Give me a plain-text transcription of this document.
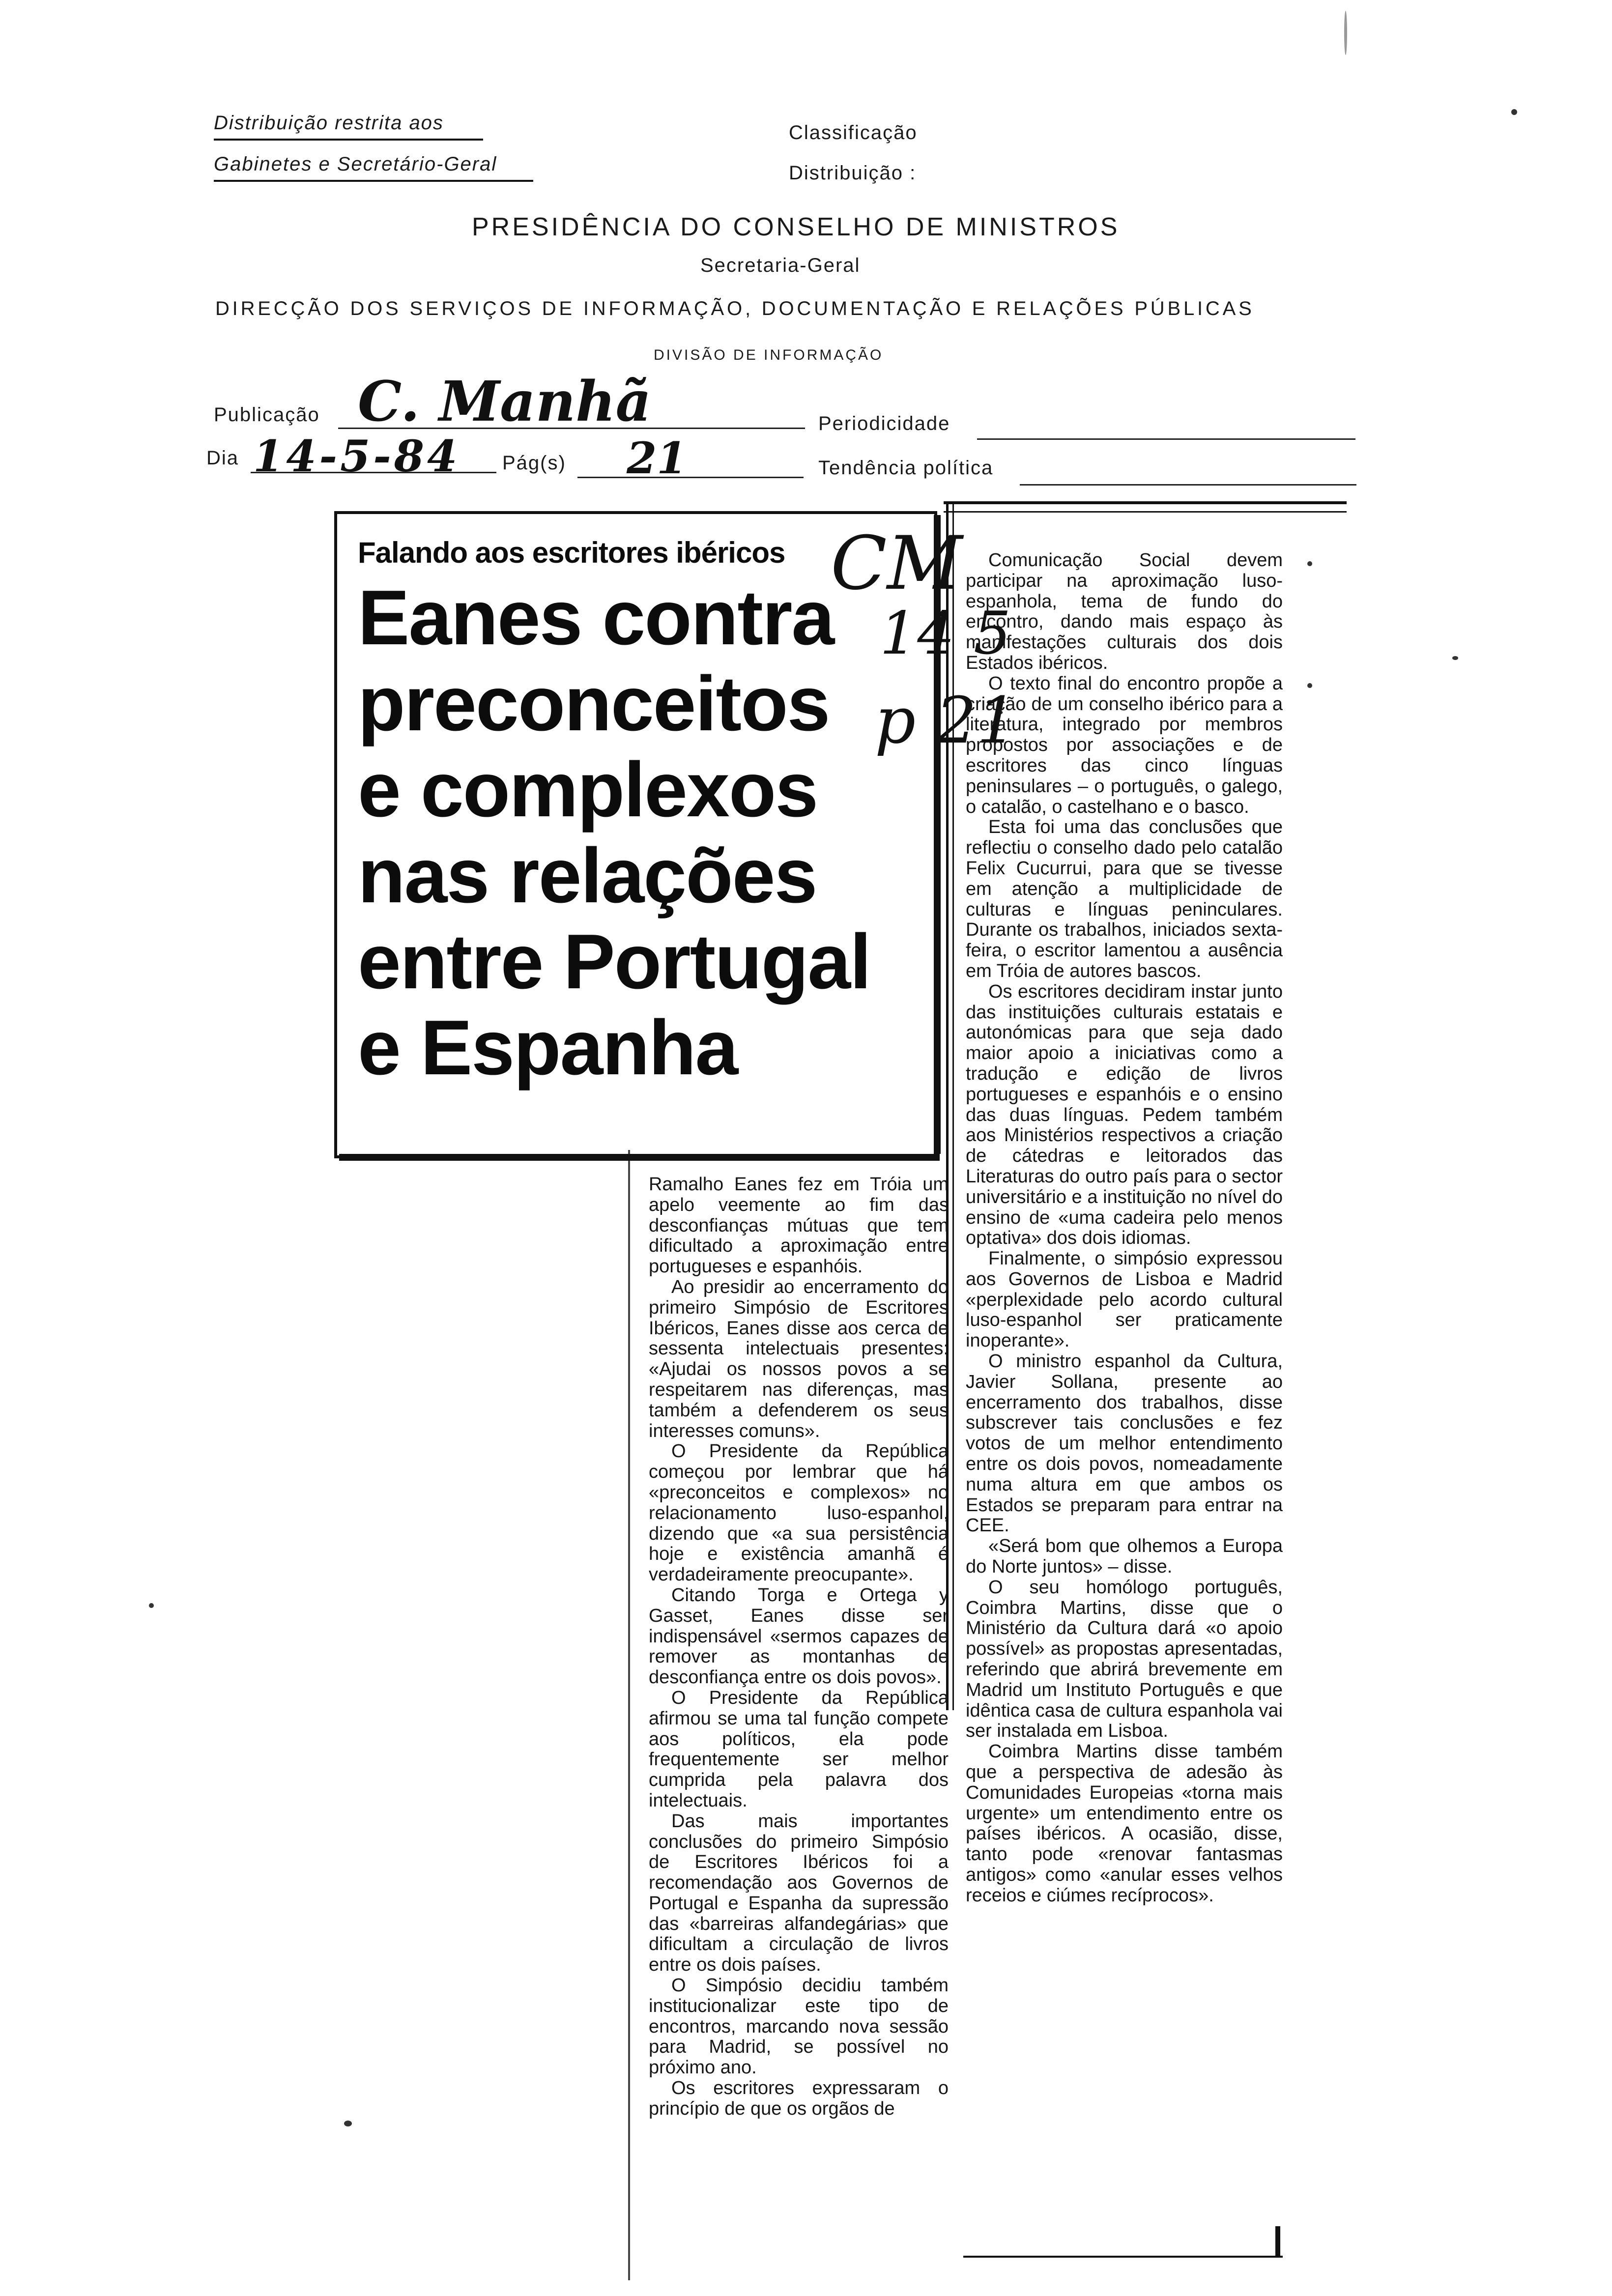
Distribuição restrita aos
Gabinetes e Secretário-Geral
Classificação
Distribuição :
PRESIDÊNCIA DO CONSELHO DE MINISTROS
Secretaria-Geral
DIRECÇÃO DOS SERVIÇOS DE INFORMAÇÃO, DOCUMENTAÇÃO E RELAÇÕES PÚBLICAS
DIVISÃO DE INFORMAÇÃO
Publicação C. Manhã	Periodicidade
Dia 14-5-84 Pág(s) 21	Tendência política
Falando aos escritores ibéricos
Eanes contra
preconceitos
e complexos
nas relações
entre Portugal
e Espanha
CM
14 5
p 21

Ramalho Eanes fez em Tróia um apelo veemente ao fim das desconfianças mútuas que tem dificultado a aproximação entre portugueses e espanhóis.

Ao presidir ao encerramento do primeiro Simpósio de Escritores Ibéricos, Eanes disse aos cerca de sessenta intelectuais presentes: «Ajudai os nossos povos a se respeitarem nas diferenças, mas também a defenderem os seus interesses comuns».

O Presidente da República começou por lembrar que há «preconceitos e complexos» no relacionamento luso-espanhol, dizendo que «a sua persistência hoje e existência amanhã é verdadeiramente preocupante».

Citando Torga e Ortega y Gasset, Eanes disse ser indispensável «sermos capazes de remover as montanhas de desconfiança entre os dois povos».

O Presidente da República afirmou se uma tal função compete aos políticos, ela pode frequentemente ser melhor cumprida pela palavra dos intelectuais.

Das mais importantes conclusões do primeiro Simpósio de Escritores Ibéricos foi a recomendação aos Governos de Portugal e Espanha da supressão das «barreiras alfandegárias» que dificultam a circulação de livros entre os dois países.

O Simpósio decidiu também institucionalizar este tipo de encontros, marcando nova sessão para Madrid, se possível no próximo ano.

Os escritores expressaram o princípio de que os orgãos de

Comunicação Social devem participar na aproximação luso-espanhola, tema de fundo do encontro, dando mais espaço às manifestações culturais dos dois Estados ibéricos.

O texto final do encontro propõe a criação de um conselho ibérico para a literatura, integrado por membros propostos por associações e de escritores das cinco línguas peninsulares – o português, o galego, o catalão, o castelhano e o basco.

Esta foi uma das conclusões que reflectiu o conselho dado pelo catalão Felix Cucurrui, para que se tivesse em atenção a multiplicidade de culturas e línguas peninculares. Durante os trabalhos, iniciados sexta-feira, o escritor lamentou a ausência em Tróia de autores bascos.

Os escritores decidiram instar junto das instituições culturais estatais e autonómicas para que seja dado maior apoio a iniciativas como a tradução e edição de livros portugueses e espanhóis e o ensino das duas línguas. Pedem também aos Ministérios respectivos a criação de cátedras e leitorados das Literaturas do outro país para o sector universitário e a instituição no nível do ensino de «uma cadeira pelo menos optativa» dos dois idiomas.

Finalmente, o simpósio expressou aos Governos de Lisboa e Madrid «perplexidade pelo acordo cultural luso-espanhol ser praticamente inoperante».

O ministro espanhol da Cultura, Javier Sollana, presente ao encerramento dos trabalhos, disse subscrever tais conclusões e fez votos de um melhor entendimento entre os dois povos, nomeadamente numa altura em que ambos os Estados se preparam para entrar na CEE.

«Será bom que olhemos a Europa do Norte juntos» – disse.

O seu homólogo português, Coimbra Martins, disse que o Ministério da Cultura dará «o apoio possível» as propostas apresentadas, referindo que abrirá brevemente em Madrid um Instituto Português e que idêntica casa de cultura espanhola vai ser instalada em Lisboa.

Coimbra Martins disse também que a perspectiva de adesão às Comunidades Europeias «torna mais urgente» um entendimento entre os países ibéricos. A ocasião, disse, tanto pode «renovar fantasmas antigos» como «anular esses velhos receios e ciúmes recíprocos».
